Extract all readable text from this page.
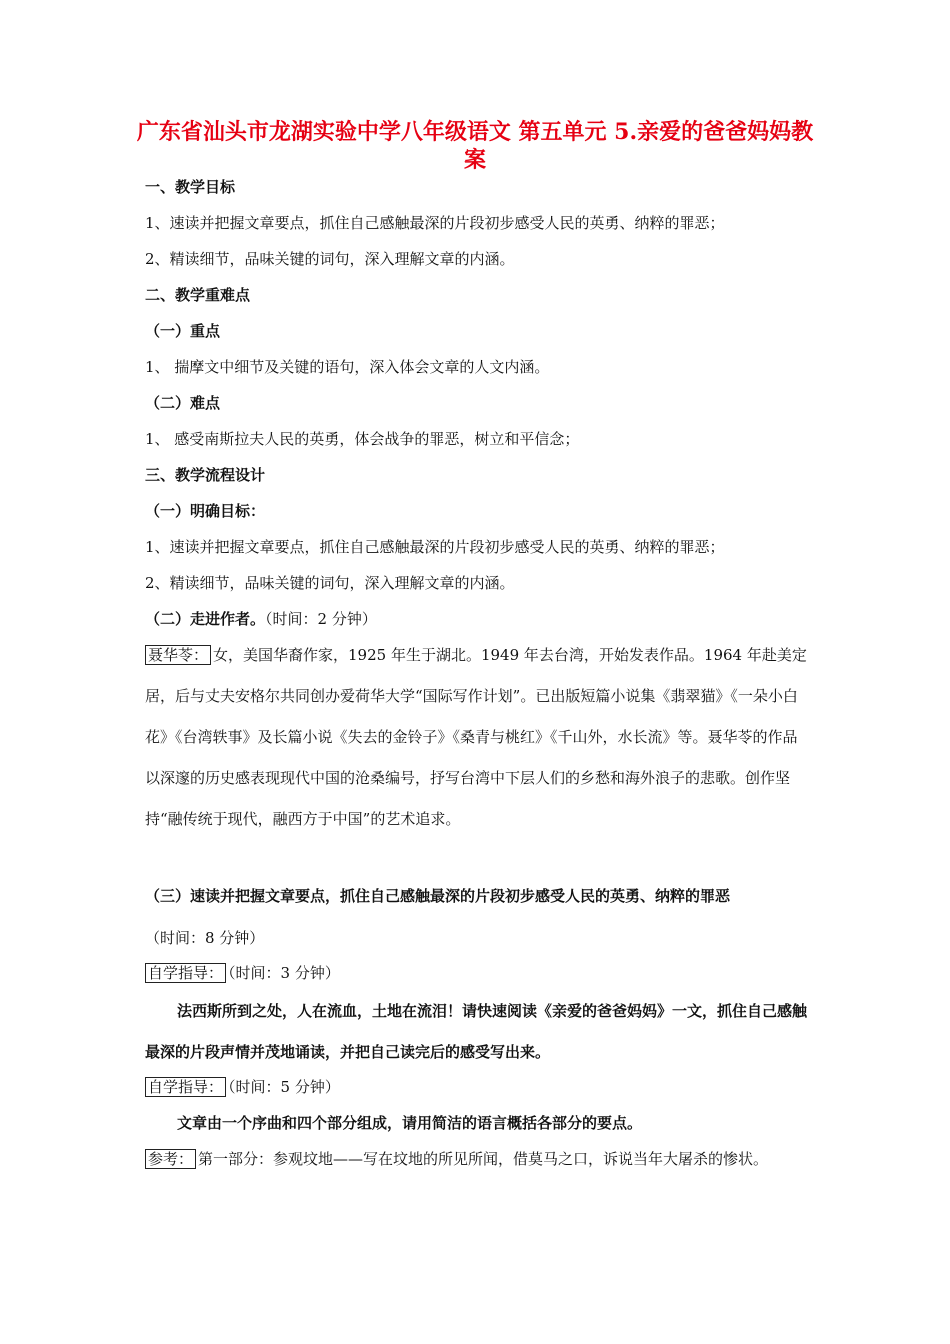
广东省汕头市龙湖实验中学八年级语文 第五单元 5.亲爱的爸爸妈妈教案
一、教学目标
1、速读并把握文章要点，抓住自己感触最深的片段初步感受人民的英勇、纳粹的罪恶；
2、精读细节，品味关键的词句，深入理解文章的内涵。
二、教学重难点
（一）重点
1、 揣摩文中细节及关键的语句，深入体会文章的人文内涵。
（二）难点
1、 感受南斯拉夫人民的英勇，体会战争的罪恶，树立和平信念；
三、教学流程设计
（一）明确目标：
1、速读并把握文章要点，抓住自己感触最深的片段初步感受人民的英勇、纳粹的罪恶；
2、精读细节，品味关键的词句，深入理解文章的内涵。
（二）走进作者。（时间：2 分钟）
聂华苓： 女，美国华裔作家，1925 年生于湖北。1949 年去台湾，开始发表作品。1964 年赴美定居，后与丈夫安格尔共同创办爱荷华大学“国际写作计划”。已出版短篇小说集《翡翠猫》《一朵小白花》《台湾轶事》及长篇小说《失去的金铃子》《桑青与桃红》《千山外，水长流》等。聂华苓的作品以深邃的历史感表现现代中国的沧桑编号，抒写台湾中下层人们的乡愁和海外浪子的悲歌。创作坚持“融传统于现代，融西方于中国”的艺术追求。
（三）速读并把握文章要点，抓住自己感触最深的片段初步感受人民的英勇、纳粹的罪恶
（时间：8 分钟）
自学指导： （时间：3 分钟）
法西斯所到之处，人在流血，土地在流泪！请快速阅读《亲爱的爸爸妈妈》一文，抓住自己感触最深的片段声情并茂地诵读，并把自己读完后的感受写出来。
自学指导： （时间：5 分钟）
文章由一个序曲和四个部分组成，请用简洁的语言概括各部分的要点。
参考： 第一部分：参观坟地——写在坟地的所见所闻，借莫马之口，诉说当年大屠杀的惨状。
